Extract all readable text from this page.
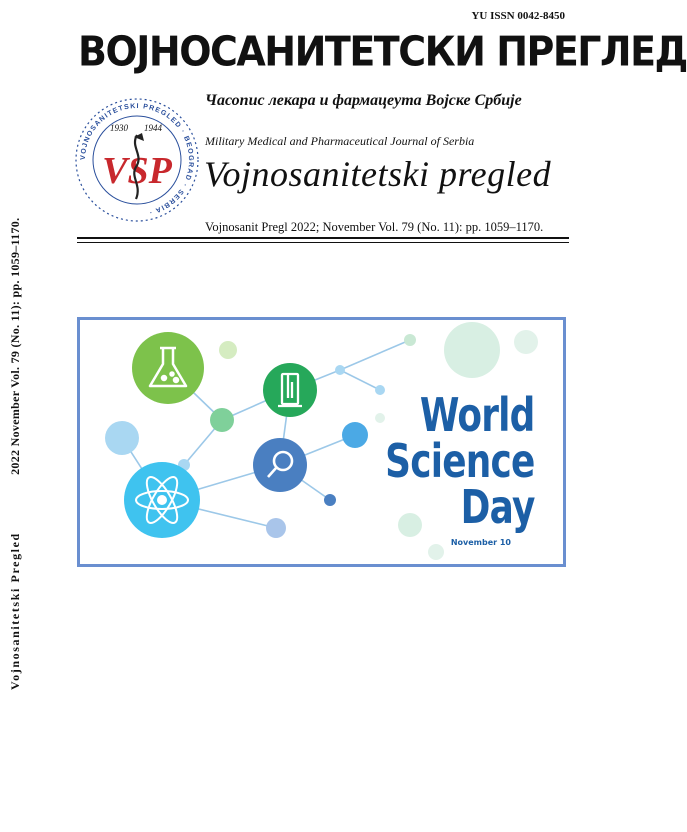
YU ISSN 0042-8450
ВОЈНОСАНИТЕТСКИ ПРЕГЛЕД
VOJNOSANITETSKI PREGLED · BEOGRAD · SERBIA ·
1930 1944
VSP
Часопис лекара и фармацеута Војске Србије
Military Medical and Pharmaceutical Journal of Serbia
Vojnosanitetski pregled
Vojnosanit Pregl 2022; November Vol. 79 (No. 11): pp. 1059–1170.
Vojnosanitetski Pregled 2022 November Vol. 79 (No. 11): pp. 1059–1170.	World
Science
Day
November 10
